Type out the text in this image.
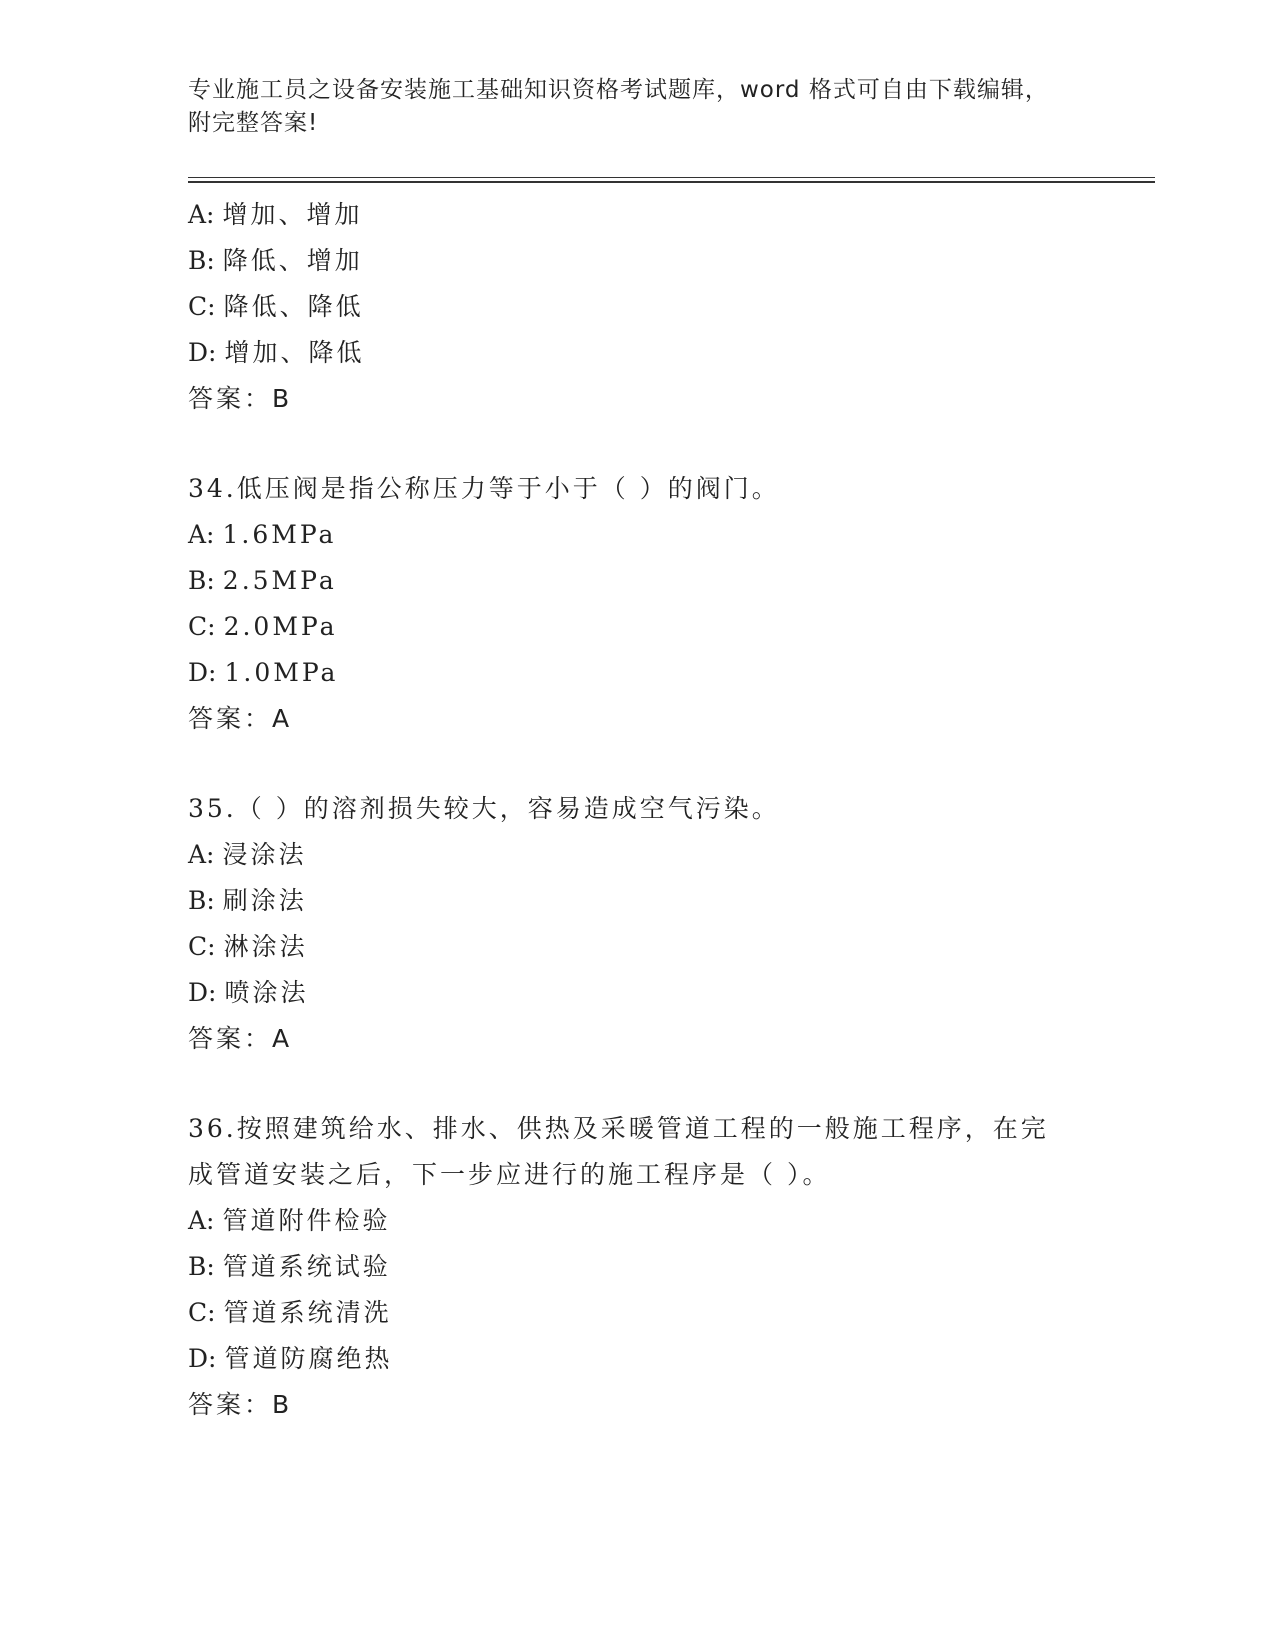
专业施工员之设备安装施工基础知识资格考试题库，word 格式可自由下载编辑，
附完整答案!
A: 增加、增加
B: 降低、增加
C: 降低、降低
D: 增加、降低
答案：B
34.低压阀是指公称压力等于小于（ ）的阀门。
A: 1.6MPa
B: 2.5MPa
C: 2.0MPa
D: 1.0MPa
答案：A
35.（ ）的溶剂损失较大，容易造成空气污染。
A: 浸涂法
B: 刷涂法
C: 淋涂法
D: 喷涂法
答案：A
36.按照建筑给水、排水、供热及采暖管道工程的一般施工程序，在完成管道安装之后，下一步应进行的施工程序是（ ）。
A: 管道附件检验
B: 管道系统试验
C: 管道系统清洗
D: 管道防腐绝热
答案：B
